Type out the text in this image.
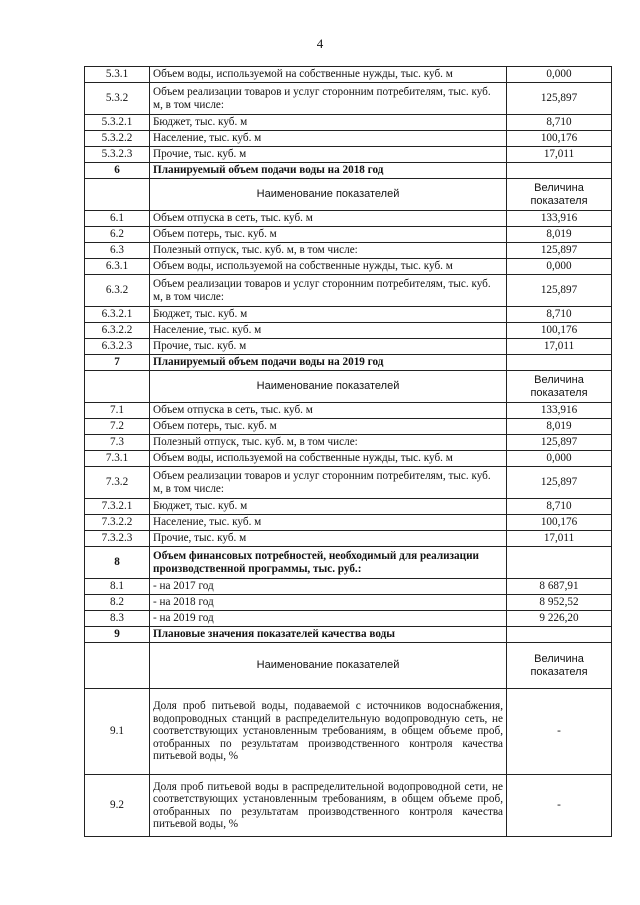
4
5.3.1	Объем воды, используемой на собственные нужды, тыс. куб. м	0,000
5.3.2	Объем реализации товаров и услуг сторонним потребителям, тыс. куб. м, в том числе:	125,897
5.3.2.1	Бюджет, тыс. куб. м	8,710
5.3.2.2	Население, тыс. куб. м	100,176
5.3.2.3	Прочие, тыс. куб. м	17,011
6	Планируемый объем подачи воды на 2018 год	
	Наименование показателей	Величина показателя
6.1	Объем отпуска в сеть, тыс. куб. м	133,916
6.2	Объем потерь, тыс. куб. м	8,019
6.3	Полезный отпуск, тыс. куб. м, в том числе:	125,897
6.3.1	Объем воды, используемой на собственные нужды, тыс. куб. м	0,000
6.3.2	Объем реализации товаров и услуг сторонним потребителям, тыс. куб. м, в том числе:	125,897
6.3.2.1	Бюджет, тыс. куб. м	8,710
6.3.2.2	Население, тыс. куб. м	100,176
6.3.2.3	Прочие, тыс. куб. м	17,011
7	Планируемый объем подачи воды на 2019 год	
	Наименование показателей	Величина показателя
7.1	Объем отпуска в сеть, тыс. куб. м	133,916
7.2	Объем потерь, тыс. куб. м	8,019
7.3	Полезный отпуск, тыс. куб. м, в том числе:	125,897
7.3.1	Объем воды, используемой на собственные нужды, тыс. куб. м	0,000
7.3.2	Объем реализации товаров и услуг сторонним потребителям, тыс. куб. м, в том числе:	125,897
7.3.2.1	Бюджет, тыс. куб. м	8,710
7.3.2.2	Население, тыс. куб. м	100,176
7.3.2.3	Прочие, тыс. куб. м	17,011
8	Объем финансовых потребностей, необходимый для реализации производственной программы, тыс. руб.:	
8.1	- на 2017 год	8 687,91
8.2	- на 2018 год	8 952,52
8.3	- на 2019 год	9 226,20
9	Плановые значения показателей качества воды	
	Наименование показателей	Величина показателя
9.1	Доля проб питьевой воды, подаваемой с источников водоснабжения, водопроводных станций в распределительную водопроводную сеть, не соответствующих установленным требованиям, в общем объеме проб, отобранных по результатам производственного контроля качества питьевой воды, %	-
9.2	Доля проб питьевой воды в распределительной водопроводной сети, не соответствующих установленным требованиям, в общем объеме проб, отобранных по результатам производственного контроля качества питьевой воды, %	-
